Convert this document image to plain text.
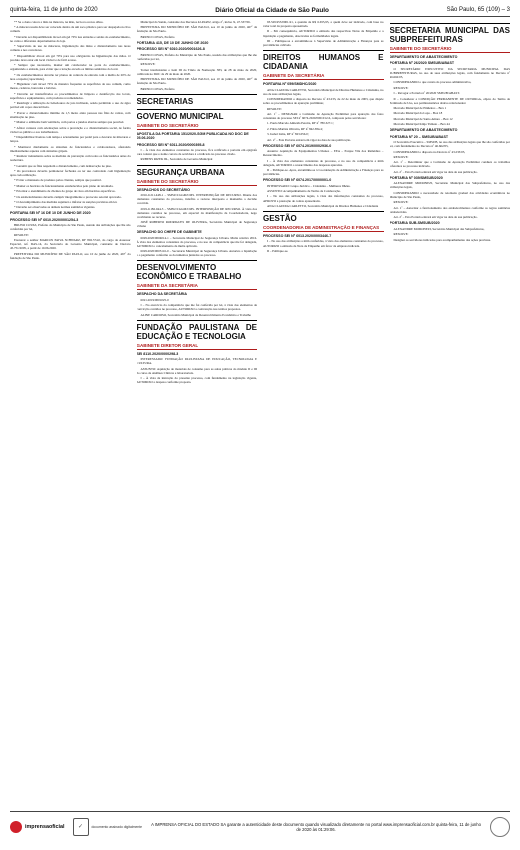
quinta-feira, 11 de junho de 2020	Diário Oficial da Cidade de São Paulo	São Paulo, 65 (109) – 3

** Se o dono coloca a mão na máscara, na mão, na boca ou nos olhos.

* A máscara usada deve ser colocada dentro de um saco plástico para ser despejada no lixo comum.

* Deverão ser disponibilizado álcool em gel 70% nas entradas e saídas do estabelecimento, no caixa e diferentes departamentos da loja.

* Supervisão do uso de máscaras, higienização das mãos e distanciamento nas áreas comuns e nos corredores.

* Disponibilizar álcool em gel 70% para uso obrigatório na higienização das mãos. O produto deve estar em local visível e de fácil acesso.

* Sempre que necessário, manter um colaborador na porta do estabelecimento, organizando a entrada, para evitar que a lotação exceda os limites sanitários do local.

* Os estabelecimentos deverão ter planos de controle de entrada com a média de 20% de área ocupada (capacidade).

* Higienizar com álcool 70% de maneira frequente as superfícies de uso comum, como mesas, cadeiras, bancadas e balcões.

* Deverão ser intensificados os procedimentos de limpeza e desinfecção dos locais, superfícies e equipamentos, com produtos recomendados.

* Restringir a utilização de bebedouros de jato inclinado, sendo permitido o uso de água potável em copos descartáveis.

* Prever o distanciamento mínimo de 1,5 metro entre pessoas nas filas de caixas, com sinalização no piso.

* Manter o ambiente bem ventilado, com portas e janelas abertas sempre que possível.

* Afixar cartazes com orientações sobre a prevenção e o distanciamento social, de forma visível ao público e aos trabalhadores.

* Disponibilizar lixeiras com tampa e acionamento por pedal para o descarte de máscaras e lenços.

* Monitorar diariamente os sintomas de funcionários e colaboradores, afastando imediatamente aqueles com sintomas gripais.

* Realizar treinamento sobre as medidas de prevenção com todos os funcionários antes da reabertura.

* Garantir que as filas respeitem o distanciamento, com demarcação no piso.

* Os provadores deverão permanecer fechados ou ter uso controlado com higienização após cada utilização.

* Evitar o manuseio de produtos pelos clientes, sempre que possível.

* Manter os horários de funcionamento estabelecidos pelo plano de retomada.

* Priorizar o atendimento de clientes do grupo de risco em horários específicos.

* Os estabelecimentos deverão cumprir integralmente o protocolo setorial aprovado.

* O descumprimento das medidas sujeitará o infrator às sanções previstas em lei.

* Deverão ser observadas as demais normas sanitárias vigentes.

PORTARIA SEI Nº 16 DE 10 DE JUNHO DE 2020
PROCESSO SEI Nº 6010.2020/0001254-3

BRUNO COVAS, Prefeito do Município de São Paulo, usando das atribuições que lhe são conferidas por lei,

RESOLVE:

Exonerar o senhor MARCOS PAIVA SCHWARZ, RF 802.574.0, do cargo de Assessor Especial, ref. DAS-14, da Secretaria do Governo Municipal, constante do Decreto 45.751/2005, a partir de 10.06.2020.

PREFEITURA DO MUNICÍPIO DE SÃO PAULO, aos 10 de junho de 2020, 467º da fundação de São Paulo.

Municipal da Saúde, constante dos Decretos 42.494/02, artigo 2º, inciso X, 47.337/06.

PREFEITURA DO MUNICÍPIO DE SÃO PAULO, aos 10 de junho de 2020, 467º da fundação de São Paulo.

BRUNO COVAS, Prefeito

PORTARIA 415, DE 10 DE JUNHO DE 2020
PROCESSO SEI Nº 6010.2020/0001626-8

BRUNO COVAS, Prefeito do Município de São Paulo, usando das atribuições que lhe são conferidas por lei,

RESOLVE:

Tornar insubsistente o item III do Título de Nomeação 383, de 28 de maio de 2020, publicada no DOC de 29 de maio de 2020.

PREFEITURA DO MUNICÍPIO DE SÃO PAULO, aos 10 de junho de 2020, 467º da fundação de São Paulo.

BRUNO COVAS, Prefeito

SECRETARIAS
GOVERNO MUNICIPAL
GABINETE DO SECRETÁRIO
APOSTILA DA PORTARIA 151/2020-SGM PUBLICADA NO DOC DE 05.06.2020
PROCESSO SEI Nº 6011.2020/0000395-8

I – À vista dos elementos constantes do processo, fica retificada a portaria em epígrafe para constar que o nome correto da servidora é o indicado no processo citado.

RUBENS RIZEK JR., Secretário de Governo Municipal

SEGURANÇA URBANA
GABINETE DO SECRETÁRIO
DESPACHOS DO SECRETÁRIO

2016-0.211.448-1 – SMSU/CGGM/CMS. INTERPOSIÇÃO DE RECURSO. Diante dos elementos constantes do processo, indefiro o recurso interposto e mantenho a decisão recorrida.

2019-0.182.044-3 – SMSU/CGGM/CMS. INTERPOSIÇÃO DE RECURSO. À vista dos elementos contidos no processo, em especial da manifestação da Coordenadoria, nego provimento ao recurso.

JOSÉ ROBERTO RODRIGUES DE OLIVEIRA, Secretário Municipal de Segurança Urbana

DESPACHO DO CHEFE DE GABINETE

6029.2020/0004014-1 – Secretaria Municipal de Segurança Urbana. Multa relativa 2016. À vista dos elementos constantes do processo, e no uso da competência que me foi delegada, AUTORIZO o cancelamento da multa aplicada.

6029.2020/0005116-0 – Secretaria Municipal de Segurança Urbana. Autorizo a liquidação e o pagamento conforme os documentos juntados ao processo.

DESENVOLVIMENTO ECONÔMICO E TRABALHO
GABINETE DA SECRETÁRIA
DESPACHO DA SECRETÁRIA

6021.2019/0001025-0

I – No exercício da competência que me foi conferida por lei, à vista dos elementos de convicção contidos no processo, AUTORIZO a contratação nos termos propostos.

ALINE CARDOSO, Secretária Municipal de Desenvolvimento Econômico e Trabalho

FUNDAÇÃO PAULISTANA DE EDUCAÇÃO E TECNOLOGIA
GABINETE DIRETOR GERAL
SEI 8110.2020/0000298-3

INTERESSADO: FUNDAÇÃO PAULISTANA DE EDUCAÇÃO, TECNOLOGIA E CULTURA.

ASSUNTO: Aquisição de materiais de consumo para as aulas práticas do módulo II e III do curso de Análises Clínicas e laboratoriais.

I – À vista da instrução do presente processo, com fundamento na legislação vigente, AUTORIZO a despesa conforme proposta.

93.529.953/0001-91, a quantia de R$ 6.655,95, a quem deve ser indicado, com base no valor total da proposta apresentada.

II – Em consequência, AUTORIZO a emissão das respectivas Notas de Empenho e a liquidação e pagamento, observadas as formalidades legais.

III – Publique-se e encaminhe-se à Supervisão de Administração e Finanças para as providências cabíveis.

DIREITOS HUMANOS E CIDADANIA
GABINETE DA SECRETÁRIA
PORTARIA Nº 059/SMDHC/2020

ANA CLAUDIA CARLETTO, Secretária Municipal de Direitos Humanos e Cidadania, no uso de suas atribuições legais,

CONSIDERANDO o disposto no Decreto nº 43.233, de 22 de maio de 2003, que dispõe sobre os procedimentos de apuração preliminar,

RESOLVE:

Art. 1º – DESIGNAR a Comissão de Apuração Preliminar para apuração dos fatos constantes do processo SEI nº 6074.2020/0001012-6, composta pelos servidores:

1. Paulo Marcelo Almeida Pereira, RF nº 780.327.1;

2. Fábio Martins Oliveira, RF nº 842.384.4;

3. Isabel Lima, RF nº 823.056.0;

Art. 2º – Esta Portaria entrará em vigor na data de sua publicação.

PROCESSO SEI Nº 6074.2019/0002936-0

Assunto: Aquisição de Equipamentos Urbanos – EEA – Parque Vila dos Remédios – Ressarcimento.

I – À vista dos elementos constantes do processo, e no uso da competência a mim delegada, AUTORIZO o ressarcimento das despesas apuradas.

II – Publique-se. Após, encaminhe-se à Coordenação de Administração e Finanças para as providências.

PROCESSO SEI Nº 6074.2017/0000001-0

INTERESSADO: Grupo Jurídico – Cidadania – Mulheres Ilhéus.

ASSUNTO: Acompanhamento de Termo de Colaboração.

I – No uso das atribuições legais, à vista das informações constantes do processo, APROVO a prestação de contas apresentada.

ANA CLAUDIA CARLETTO, Secretária Municipal de Direitos Humanos e Cidadania

GESTÃO
COORDENADORIA DE ADMINISTRAÇÃO E FINANÇAS
PROCESSO SEI Nº 6013.2020/0003446-7

I – No uso das atribuições a mim conferidas, à vista dos elementos constantes do processo, AUTORIZO a emissão da Nota de Empenho em favor da empresa indicada.

II – Publique-se.

SECRETARIA MUNICIPAL DAS SUBPREFEITURAS
GABINETE DO SECRETÁRIO
DEPARTAMENTO DE ABASTECIMENTO
PORTARIA Nº 26/2020 SMSUB/ABAST

O SECRETÁRIO EXECUTIVO DA SECRETARIA MUNICIPAL DAS SUBPREFEITURAS, no uso de suas atribuições legais, com fundamento no Decreto nº 46.662/05,

CONSIDERANDO o que consta do processo administrativo,

RESOLVE:

I – Revogar a Portaria nº 26/2020 SMSUB/ABAST.

II – Considerar a CONDIÇÃO PERMANENTE DE OUTORGA, objeto do Termo de Permissão de Uso, aos permissionários abaixo relacionados:

Mercado Municipal de Pinheiros – Box 1

Mercado Municipal da Lapa – Box 18

Mercado Municipal de Santo Amaro – Box 12

Mercado Municipal Kinjo Yamato – Box 44

DEPARTAMENTO DE ABASTECIMENTO
PORTARIA Nº 20 – SMSUB/ABAST

O Secretário Executivo – SMSUB, no uso das atribuições legais que lhe são conferidas por lei, com fundamento no Decreto nº 46.662/05,

CONSIDERANDO o disposto no Decreto nº 43.233/03,

RESOLVE:

Art. 1º – Determinar que a Comissão de Apuração Preliminar conduza os trabalhos referentes ao processo indicado.

Art. 2º – Esta Portaria entrará em vigor na data de sua publicação.

PORTARIA Nº 039/SMSUB/2020

ALEXANDRE MODONEZI, Secretário Municipal das Subprefeituras, no uso das atribuições legais,

CONSIDERANDO a necessidade de retomada gradual das atividades econômicas no Município de São Paulo,

RESOLVE:

Art. 1º – Autorizar o funcionamento dos estabelecimentos conforme as regras sanitárias estabelecidas.

Art. 2º – Esta Portaria entrará em vigor na data de sua publicação.

PORTARIA SUB-SMSUB/2020

ALEXANDRE MODONEZI, Secretário Municipal das Subprefeituras,

RESOLVE:

Designar os servidores indicados para acompanhamento das ações previstas.

imprensaoficial	✓	documento assinado digitalmente
A IMPRENSA OFICIAL DO ESTADO SA garante a autenticidade deste documento quando visualizado diretamente no portal www.imprensaoficial.com.br quinta-feira, 11 de junho de 2020 às 01:29:06.
